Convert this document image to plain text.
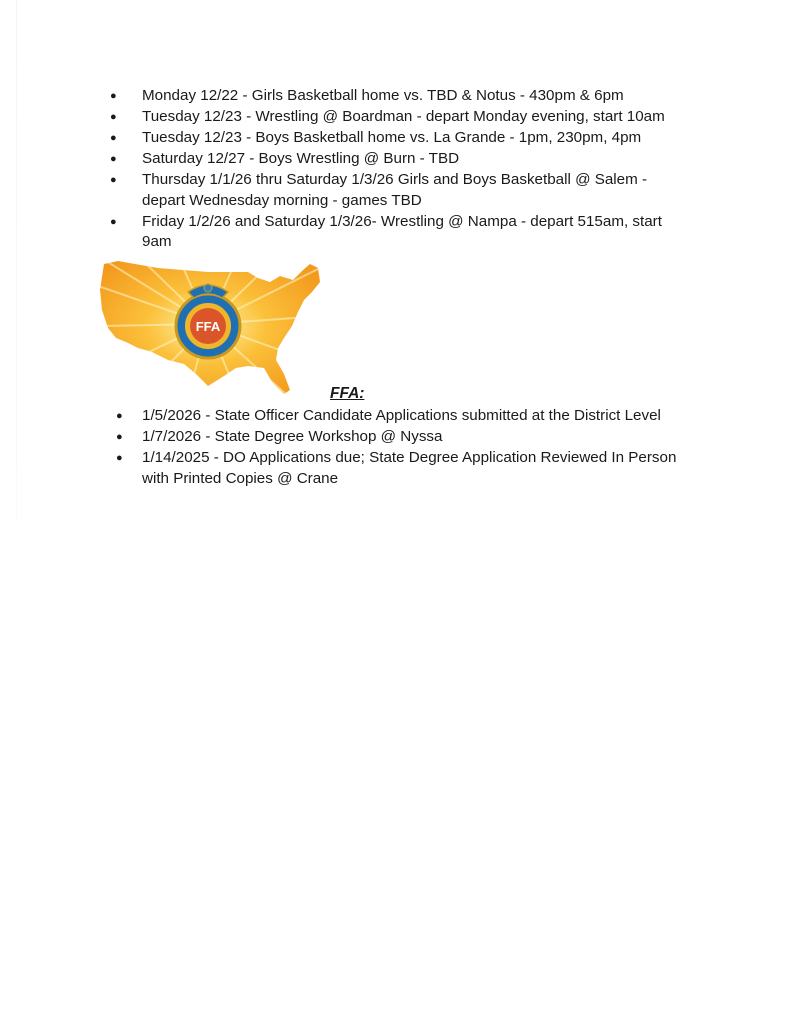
● Monday 12/22 - Girls Basketball home vs. TBD & Notus - 430pm & 6pm
● Tuesday 12/23 - Wrestling @ Boardman - depart Monday evening, start 10am
● Tuesday 12/23 - Boys Basketball home vs. La Grande - 1pm, 230pm, 4pm
● Saturday 12/27 - Boys Wrestling @ Burn - TBD
● Thursday 1/1/26 thru Saturday 1/3/26 Girls and Boys Basketball @ Salem - depart Wednesday morning - games TBD
● Friday 1/2/26 and Saturday 1/3/26- Wrestling @ Nampa - depart 515am, start 9am
FFA
FFA:
● 1/5/2026 - State Officer Candidate Applications submitted at the District Level
● 1/7/2026 - State Degree Workshop @ Nyssa
● 1/14/2025 - DO Applications due; State Degree Application Reviewed In Person with Printed Copies @ Crane
